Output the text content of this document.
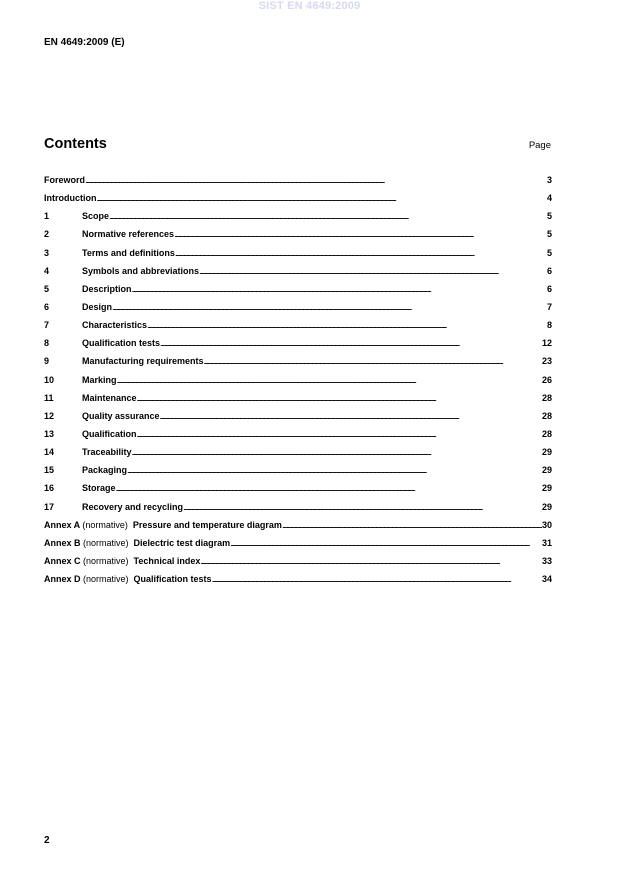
SIST EN 4649:2009
EN 4649:2009 (E)
Contents	Page
Foreword . . .	3
Introduction . . .	4
1	Scope . . .	5
2	Normative references . . .	5
3	Terms and definitions . . .	5
4	Symbols and abbreviations . . .	6
5	Description . . .	6
6	Design . . .	7
7	Characteristics . . .	8
8	Qualification tests . . .	12
9	Manufacturing requirements . . .	23
10	Marking . . .	26
11	Maintenance . . .	28
12	Quality assurance . . .	28
13	Qualification . . .	28
14	Traceability . . .	29
15	Packaging . . .	29
16	Storage . . .	29
17	Recovery and recycling . . .	29
Annex A (normative) Pressure and temperature diagram . . .	30
Annex B (normative) Dielectric test diagram . . .	31
Annex C (normative) Technical index . . .	33
Annex D (normative) Qualification tests . . .	34
2
